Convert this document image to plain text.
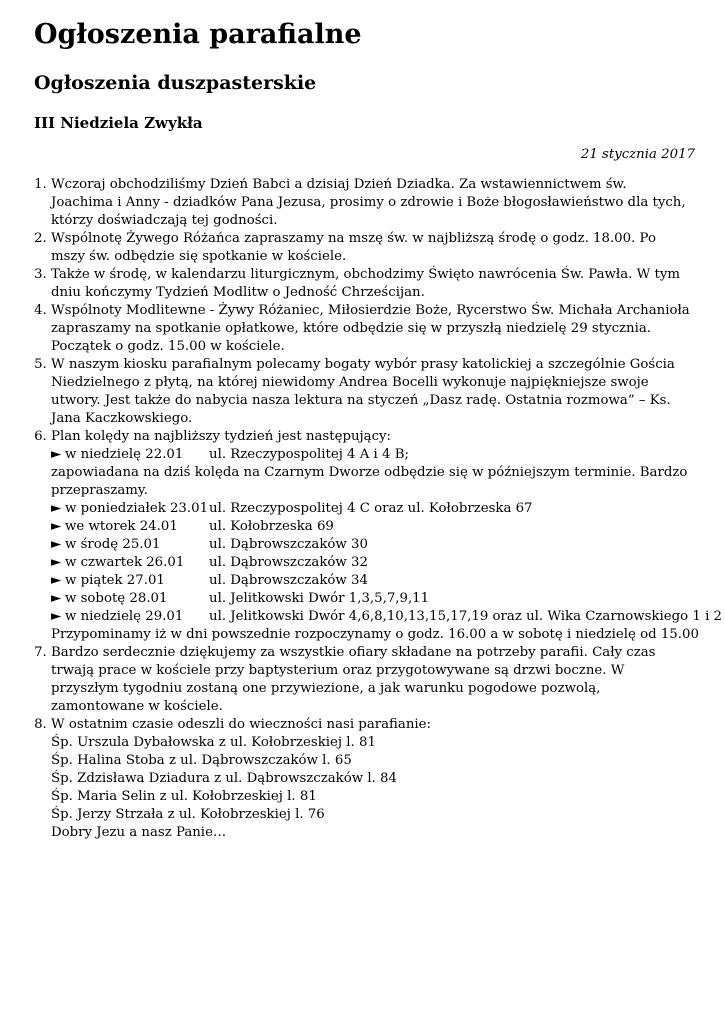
Ogłoszenia parafialne
Ogłoszenia duszpasterskie
III Niedziela Zwykła
21 stycznia 2017
1. Wczoraj obchodziliśmy Dzień Babci a dzisiaj Dzień Dziadka. Za wstawiennictwem św. Joachima i Anny - dziadków Pana Jezusa, prosimy o zdrowie i Boże błogosławieństwo dla tych, którzy doświadczają tej godności.
2. Wspólnotę Żywego Różańca zapraszamy na mszę św. w najbliższą środę o godz. 18.00. Po mszy św. odbędzie się spotkanie w kościele.
3. Także w środę, w kalendarzu liturgicznym, obchodzimy Święto nawrócenia Św. Pawła. W tym dniu kończymy Tydzień Modlitw o Jedność Chrześcijan.
4. Wspólnoty Modlitewne - Żywy Różaniec, Miłosierdzie Boże, Rycerstwo Św. Michała Archanioła zapraszamy na spotkanie opłatkowe, które odbędzie się w przyszłą niedzielę 29 stycznia. Początek o godz. 15.00 w kościele.
5. W naszym kiosku parafialnym polecamy bogaty wybór prasy katolickiej a szczególnie Gościa Niedzielnego z płytą, na której niewidomy Andrea Bocelli wykonuje najpiękniejsze swoje utwory. Jest także do nabycia nasza lektura na styczeń „Dasz radę. Ostatnia rozmowa” – Ks. Jana Kaczkowskiego.
6. Plan kolędy na najbliższy tydzień jest następujący:
► w niedzielę 22.01 ul. Rzeczypospolitej 4 A i 4 B;
zapowiadana na dziś kolęda na Czarnym Dworze odbędzie się w późniejszym terminie. Bardzo przepraszamy.
► w poniedziałek 23.01ul. Rzeczypospolitej 4 C oraz ul. Kołobrzeska 67
► we wtorek 24.01 ul. Kołobrzeska 69
► w środę 25.01	ul. Dąbrowszczaków 30
► w czwartek 26.01 ul. Dąbrowszczaków 32
► w piątek 27.01	ul. Dąbrowszczaków 34
► w sobotę 28.01	ul. Jelitkowski Dwór 1,3,5,7,9,11
► w niedzielę 29.01 ul. Jelitkowski Dwór 4,6,8,10,13,15,17,19 oraz ul. Wika Czarnowskiego 1 i 2
Przypominamy iż w dni powszednie rozpoczynamy o godz. 16.00 a w sobotę i niedzielę od 15.00
7. Bardzo serdecznie dziękujemy za wszystkie ofiary składane na potrzeby parafii. Cały czas trwają prace w kościele przy baptysterium oraz przygotowywane są drzwi boczne. W przyszłym tygodniu zostaną one przywiezione, a jak warunku pogodowe pozwolą, zamontowane w kościele.
8. W ostatnim czasie odeszli do wieczności nasi parafianie:
Śp. Urszula Dybałowska z ul. Kołobrzeskiej l. 81
Śp. Halina Stoba z ul. Dąbrowszczaków l. 65
Śp. Zdzisława Dziadura z ul. Dąbrowszczaków l. 84
Śp. Maria Selin z ul. Kołobrzeskiej l. 81
Śp. Jerzy Strzała z ul. Kołobrzeskiej l. 76
Dobry Jezu a nasz Panie…
